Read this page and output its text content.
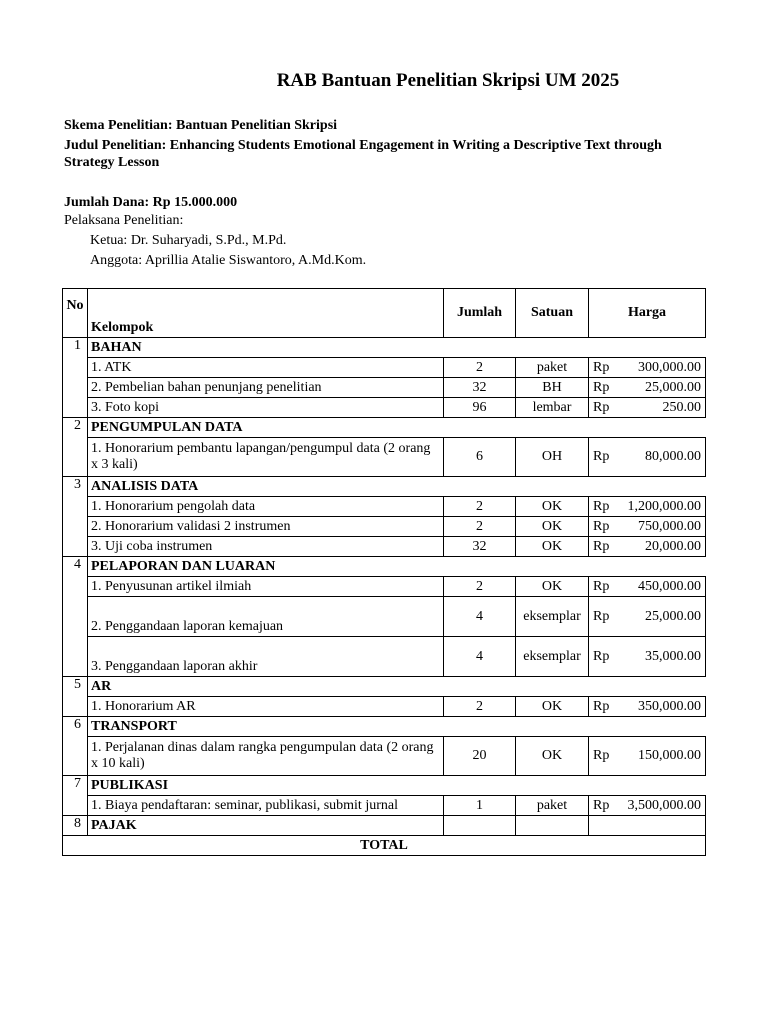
RAB Bantuan Penelitian Skripsi UM 2025
Skema Penelitian: Bantuan Penelitian Skripsi
Judul Penelitian: Enhancing Students Emotional Engagement in Writing a Descriptive Text through
Strategy Lesson
Jumlah Dana: Rp 15.000.000
Pelaksana Penelitian:
Ketua: Dr. Suharyadi, S.Pd., M.Pd.
Anggota: Aprillia Atalie Siswantoro, A.Md.Kom.
No	Kelompok	Jumlah	Satuan	Harga
1	BAHAN			
	1. ATK	2	paket	Rp 300,000.00

	2. Pembelian bahan penunjang penelitian	32	BH	Rp 25,000.00

	3. Foto kopi	96	lembar	Rp 250.00

2	PENGUMPULAN DATA			
	1. Honorarium pembantu lapangan/pengumpul data (2 orang x 3 kali)	6	OH	Rp 80,000.00

3	ANALISIS DATA			
	1. Honorarium pengolah data	2	OK	Rp 1,200,000.00

	2. Honorarium validasi 2 instrumen	2	OK	Rp 750,000.00

	3. Uji coba instrumen	32	OK	Rp 20,000.00

4	PELAPORAN DAN LUARAN			
	1. Penyusunan artikel ilmiah	2	OK	Rp 450,000.00

	2. Penggandaan laporan kemajuan	4	eksemplar	Rp 25,000.00

	3. Penggandaan laporan akhir	4	eksemplar	Rp 35,000.00

5	AR			
	1. Honorarium AR	2	OK	Rp 350,000.00

6	TRANSPORT			
	1. Perjalanan dinas dalam rangka pengumpulan data (2 orang x 10 kali)	20	OK	Rp 150,000.00

7	PUBLIKASI			
	1. Biaya pendaftaran: seminar, publikasi, submit jurnal	1	paket	Rp 3,500,000.00

8	PAJAK			
TOTAL				
